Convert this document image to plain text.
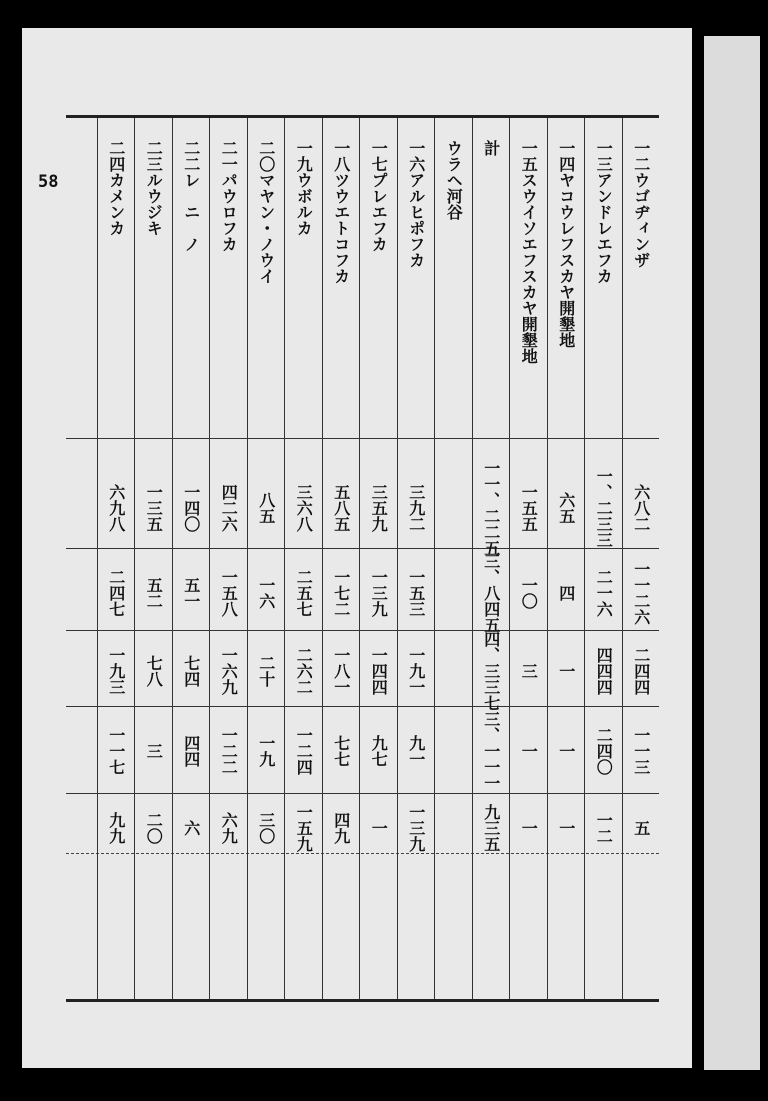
58	一二ウゴヂィンザ
六八二
一一二六
二四四
一一三
五
一三アンドレエフカ
一、二三三
二一六
四四四
二四〇
一二
一四ヤコウレフスカヤ開墾地
六五
四
一
一
一
一五スウイソエフスカヤ開墾地
一五五
一〇
三
一
一
計
一一、二二五
三、八四五
四、三三七
三、一一一
九三五
ウラヘ河谷
一六アルヒポフカ
三九二
一五三
一九一
九一
一三九
一七プレエフカ
三五九
一三九
一四四
九七
一
一八ツウエトコフカ
五八五
一七二
一八一
七七
四九
一九ウボルカ
三六八
二五七
二六二
一二四
一五九
二〇マヤン・ノウイ
八五
一六
二十
一九
三〇
二一パウロフカ
四二六
一五八
一六九
一二二
六九
二二レ　ニ　ノ
一四〇
五一
七四
四四
六
二三ルウジキ
一三五
五二
七八
三
二〇
二四カメンカ
六九八
二四七
一九三
一一七
九九
